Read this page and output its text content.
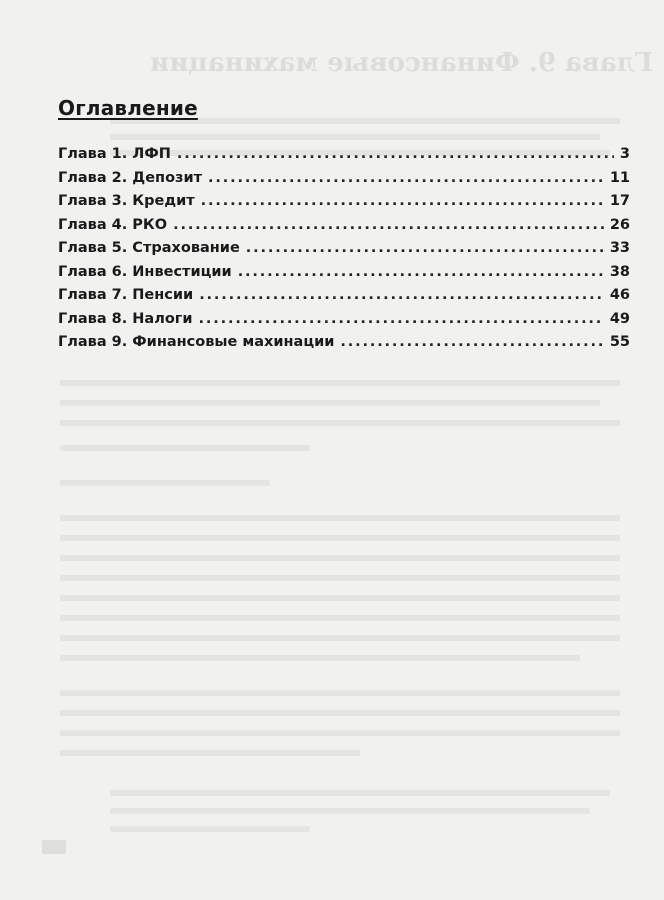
Глава 9. Финансовые махинации
Оглавление
Глава 1. ЛФП . . .	3
Глава 2. Депозит . . .	11
Глава 3. Кредит . . .	17
Глава 4. РКО . . .	26
Глава 5. Страхование . . .	33
Глава 6. Инвестиции . . .	38
Глава 7. Пенсии . . .	46
Глава 8. Налоги . . .	49
Глава 9. Финансовые махинации . . .	55
